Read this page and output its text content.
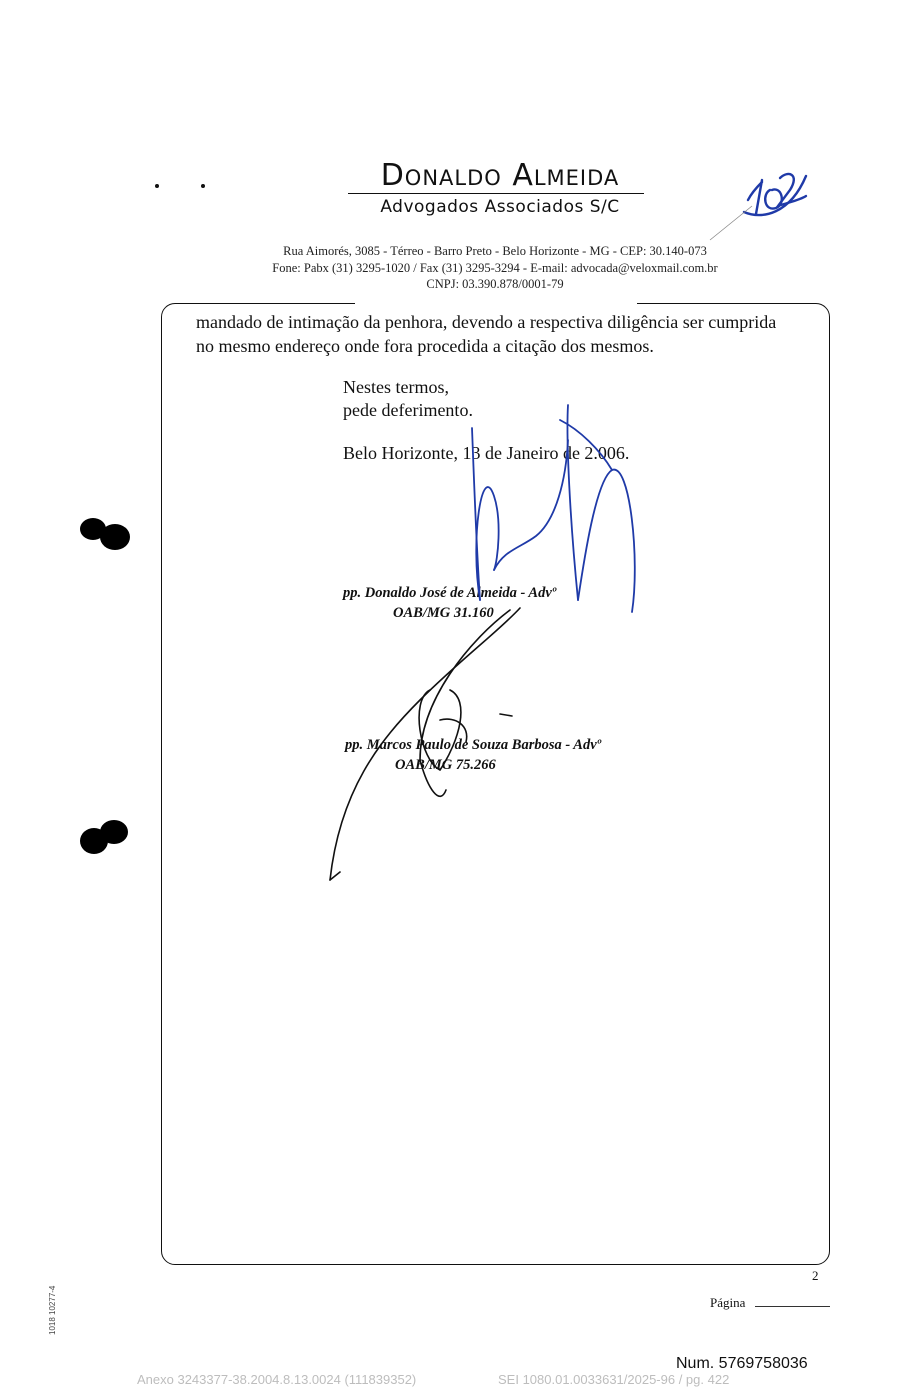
Donaldo Almeida
Advogados Associados S/C
Rua Aimorés, 3085 - Térreo - Barro Preto - Belo Horizonte - MG - CEP: 30.140-073
Fone: Pabx (31) 3295-1020 / Fax (31) 3295-3294 - E-mail: advocada@veloxmail.com.br
CNPJ: 03.390.878/0001-79
mandado de intimação da penhora, devendo a respectiva diligência ser cumprida
no mesmo endereço onde fora procedida a citação dos mesmos.
Nestes termos,
pede deferimento.
Belo Horizonte, 13 de Janeiro de 2.006.
pp. Donaldo José de Almeida - Advº
OAB/MG 31.160
pp. Marcos Paulo de Souza Barbosa - Advº
OAB/MG 75.266
2
Página
1018 10277-4
Num. 5769758036
Anexo 3243377-38.2004.8.13.0024 (111839352)	SEI 1080.01.0033631/2025-96 / pg. 422
